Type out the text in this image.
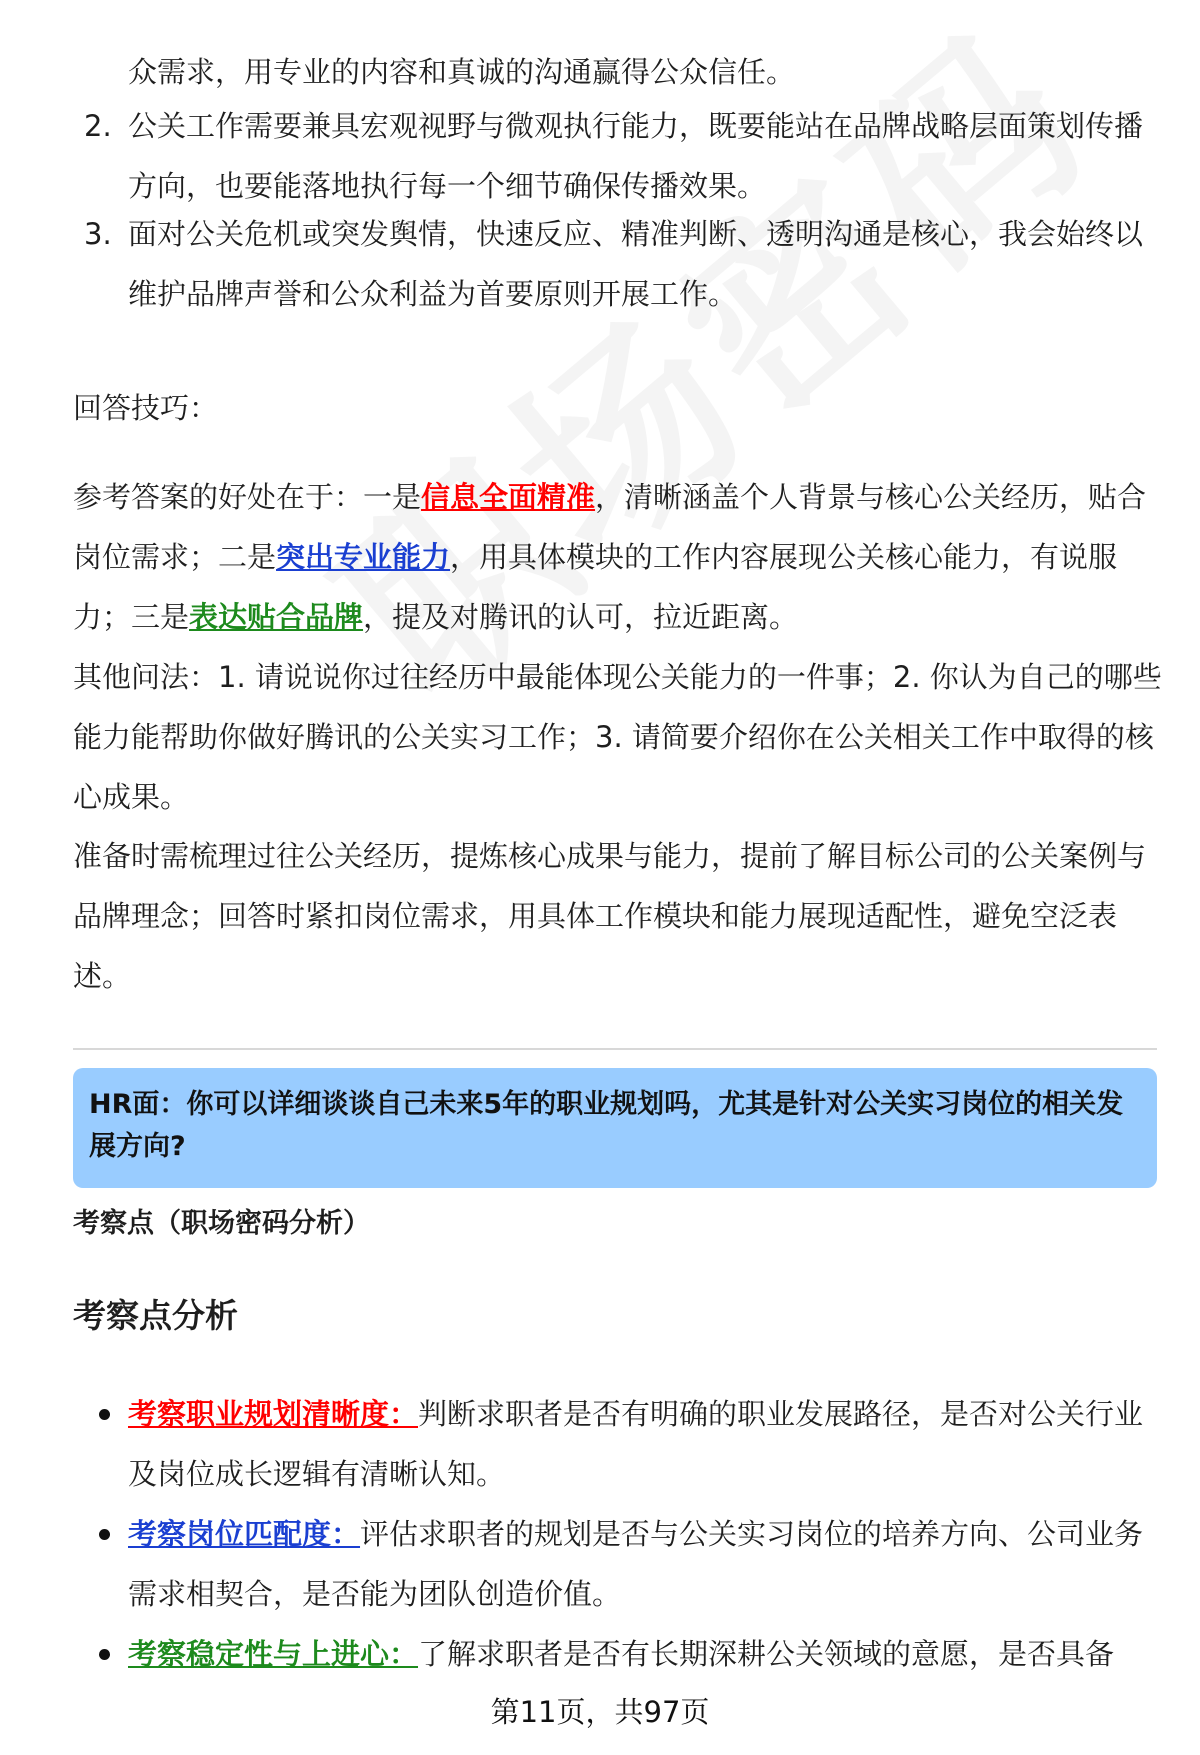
众需求，用专业的内容和真诚的沟通赢得公众信任。
2. 公关工作需要兼具宏观视野与微观执行能力，既要能站在品牌战略层面策划传播方向，也要能落地执行每一个细节确保传播效果。
3. 面对公关危机或突发舆情，快速反应、精准判断、透明沟通是核心，我会始终以维护品牌声誉和公众利益为首要原则开展工作。
回答技巧：
参考答案的好处在于：一是信息全面精准，清晰涵盖个人背景与核心公关经历，贴合岗位需求；二是突出专业能力，用具体模块的工作内容展现公关核心能力，有说服力；三是表达贴合品牌，提及对腾讯的认可，拉近距离。
其他问法：1. 请说说你过往经历中最能体现公关能力的一件事；2. 你认为自己的哪些能力能帮助你做好腾讯的公关实习工作；3. 请简要介绍你在公关相关工作中取得的核心成果。
准备时需梳理过往公关经历，提炼核心成果与能力，提前了解目标公司的公关案例与品牌理念；回答时紧扣岗位需求，用具体工作模块和能力展现适配性，避免空泛表述。
HR面：你可以详细谈谈自己未来5年的职业规划吗，尤其是针对公关实习岗位的相关发展方向?
考察点（职场密码分析）
考察点分析
考察职业规划清晰度：判断求职者是否有明确的职业发展路径，是否对公关行业及岗位成长逻辑有清晰认知。
考察岗位匹配度：评估求职者的规划是否与公关实习岗位的培养方向、公司业务需求相契合，是否能为团队创造价值。
考察稳定性与上进心：了解求职者是否有长期深耕公关领域的意愿，是否具备
第11页，共97页
